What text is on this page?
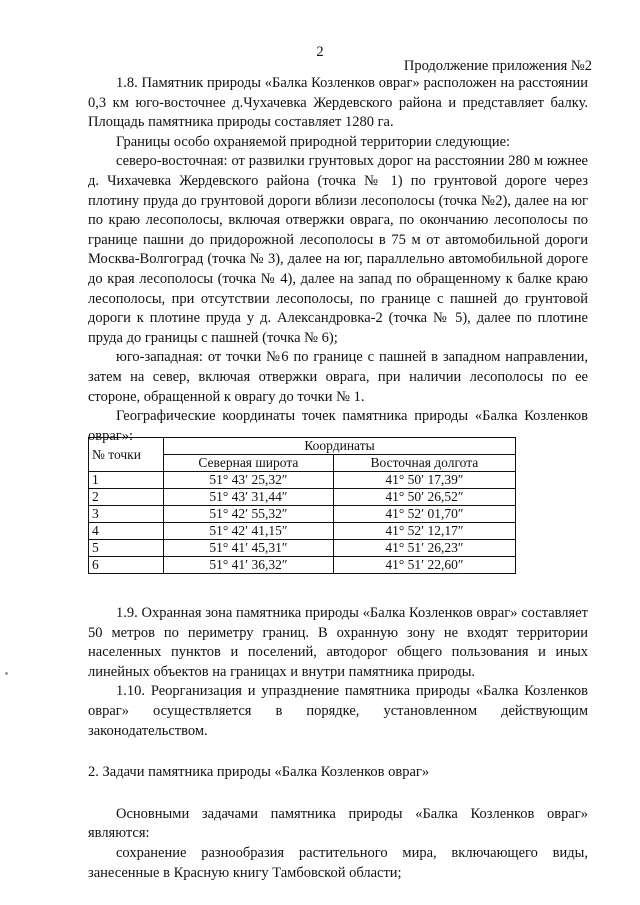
2
Продолжение приложения №2

1.8. Памятник природы «Балка Козленков овраг» расположен на расстоянии 0,3 км юго-восточнее д.Чухачевка Жердевского района и представляет балку. Площадь памятника природы составляет 1280 га.

Границы особо охраняемой природной территории следующие:

северо-восточная: от развилки грунтовых дорог на расстоянии 280 м южнее д. Чихачевка Жердевского района (точка № 1) по грунтовой дороге через плотину пруда до грунтовой дороги вблизи лесополосы (точка №2), далее на юг по краю лесополосы, включая отвержки оврага, по окончанию лесополосы по границе пашни до придорожной лесополосы в 75 м от автомобильной дороги Москва-Волгоград (точка № 3), далее на юг, параллельно автомобильной дороге до края лесополосы (точка № 4), далее на запад по обращенному к балке краю лесополосы, при отсутствии лесополосы, по границе с пашней до грунтовой дороги к плотине пруда у д. Александровка-2 (точка № 5), далее по плотине пруда до границы с пашней (точка № 6);

юго-западная: от точки №6 по границе с пашней в западном направлении, затем на север, включая отвержки оврага, при наличии лесополосы по ее стороне, обращенной к оврагу до точки № 1.

Географические координаты точек памятника природы «Балка Козленков овраг»:

№ точки	Координаты	
	Северная широта	Восточная долгота
1	51° 43′ 25,32″	41° 50′ 17,39″
2	51° 43′ 31,44″	41° 50′ 26,52″
3	51° 42′ 55,32″	41° 52′ 01,70″
4	51° 42′ 41,15″	41° 52′ 12,17″
5	51° 41′ 45,31″	41° 51′ 26,23″
6	51° 41′ 36,32″	41° 51′ 22,60″

1.9. Охранная зона памятника природы «Балка Козленков овраг» составляет 50 метров по периметру границ. В охранную зону не входят территории населенных пунктов и поселений, автодорог общего пользования и иных линейных объектов на границах и внутри памятника природы.

1.10. Реорганизация и упразднение памятника природы «Балка Козленков овраг» осуществляется в порядке, установленном действующим законодательством.

2. Задачи памятника природы «Балка Козленков овраг»

Основными задачами памятника природы «Балка Козленков овраг» являются:

сохранение разнообразия растительного мира, включающего виды, занесенные в Красную книгу Тамбовской области;
